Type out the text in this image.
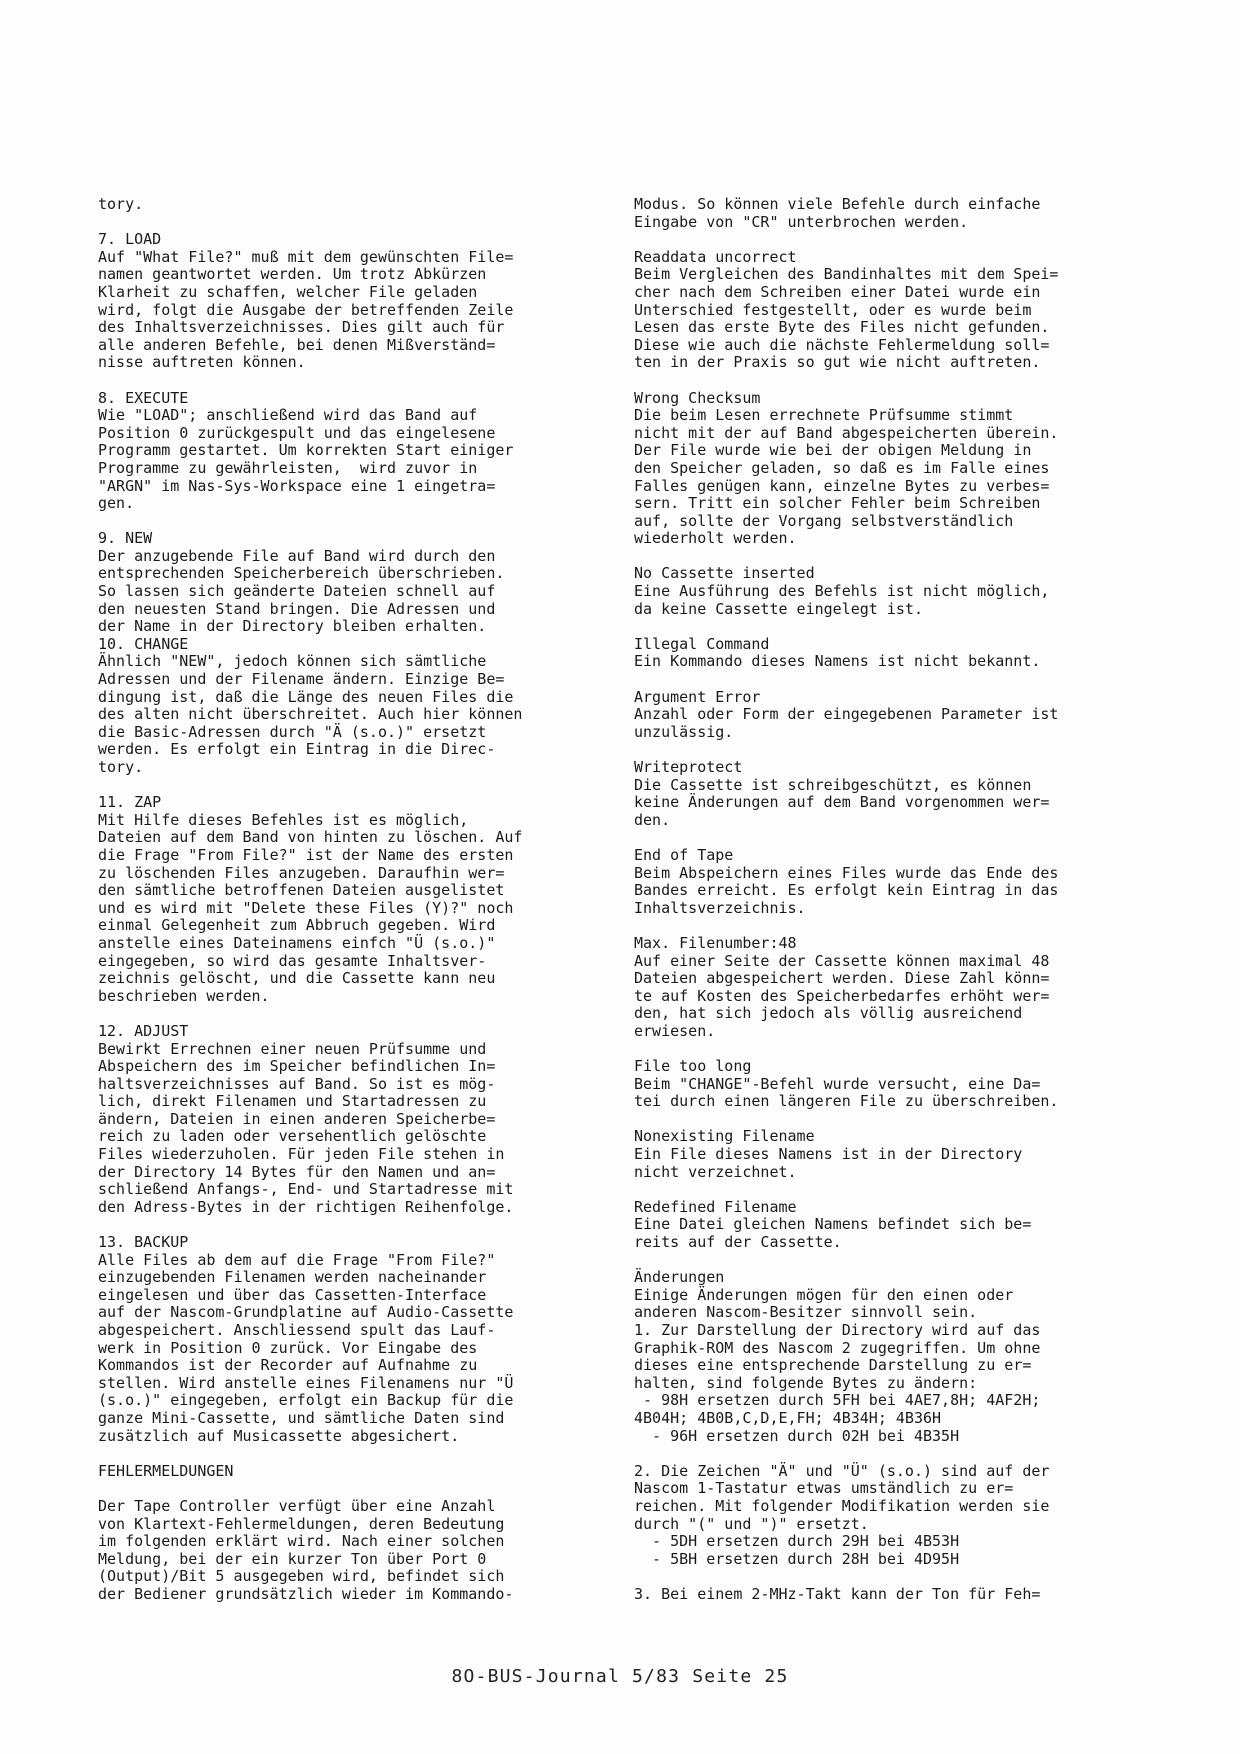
tory.
7. LOAD
Auf "What File?" muß mit dem gewünschten File=
namen geantwortet werden. Um trotz Abkürzen
Klarheit zu schaffen, welcher File geladen
wird, folgt die Ausgabe der betreffenden Zeile
des Inhaltsverzeichnisses. Dies gilt auch für
alle anderen Befehle, bei denen Mißverständ=
nisse auftreten können.
8. EXECUTE
Wie "LOAD"; anschließend wird das Band auf
Position 0 zurückgespult und das eingelesene
Programm gestartet. Um korrekten Start einiger
Programme zu gewährleisten,  wird zuvor in
"ARGN" im Nas-Sys-Workspace eine 1 eingetra=
gen.
9. NEW
Der anzugebende File auf Band wird durch den
entsprechenden Speicherbereich überschrieben.
So lassen sich geänderte Dateien schnell auf
den neuesten Stand bringen. Die Adressen und
der Name in der Directory bleiben erhalten.
10. CHANGE
Ähnlich "NEW", jedoch können sich sämtliche
Adressen und der Filename ändern. Einzige Be=
dingung ist, daß die Länge des neuen Files die
des alten nicht überschreitet. Auch hier können
die Basic-Adressen durch "Ä (s.o.)" ersetzt
werden. Es erfolgt ein Eintrag in die Direc-
tory.
11. ZAP
Mit Hilfe dieses Befehles ist es möglich,
Dateien auf dem Band von hinten zu löschen. Auf
die Frage "From File?" ist der Name des ersten
zu löschenden Files anzugeben. Daraufhin wer=
den sämtliche betroffenen Dateien ausgelistet
und es wird mit "Delete these Files (Y)?" noch
einmal Gelegenheit zum Abbruch gegeben. Wird
anstelle eines Dateinamens einfch "Ü (s.o.)"
eingegeben, so wird das gesamte Inhaltsver-
zeichnis gelöscht, und die Cassette kann neu
beschrieben werden.
12. ADJUST
Bewirkt Errechnen einer neuen Prüfsumme und
Abspeichern des im Speicher befindlichen In=
haltsverzeichnisses auf Band. So ist es mög-
lich, direkt Filenamen und Startadressen zu
ändern, Dateien in einen anderen Speicherbe=
reich zu laden oder versehentlich gelöschte
Files wiederzuholen. Für jeden File stehen in
der Directory 14 Bytes für den Namen und an=
schließend Anfangs-, End- und Startadresse mit
den Adress-Bytes in der richtigen Reihenfolge.
13. BACKUP
Alle Files ab dem auf die Frage "From File?"
einzugebenden Filenamen werden nacheinander
eingelesen und über das Cassetten-Interface
auf der Nascom-Grundplatine auf Audio-Cassette
abgespeichert. Anschliessend spult das Lauf-
werk in Position 0 zurück. Vor Eingabe des
Kommandos ist der Recorder auf Aufnahme zu
stellen. Wird anstelle eines Filenamens nur "Ü
(s.o.)" eingegeben, erfolgt ein Backup für die
ganze Mini-Cassette, und sämtliche Daten sind
zusätzlich auf Musicassette abgesichert.
FEHLERMELDUNGEN
Der Tape Controller verfügt über eine Anzahl
von Klartext-Fehlermeldungen, deren Bedeutung
im folgenden erklärt wird. Nach einer solchen
Meldung, bei der ein kurzer Ton über Port 0
(Output)/Bit 5 ausgegeben wird, befindet sich
der Bediener grundsätzlich wieder im Kommando-
Modus. So können viele Befehle durch einfache
Eingabe von "CR" unterbrochen werden.
Readdata uncorrect
Beim Vergleichen des Bandinhaltes mit dem Spei=
cher nach dem Schreiben einer Datei wurde ein
Unterschied festgestellt, oder es wurde beim
Lesen das erste Byte des Files nicht gefunden.
Diese wie auch die nächste Fehlermeldung soll=
ten in der Praxis so gut wie nicht auftreten.
Wrong Checksum
Die beim Lesen errechnete Prüfsumme stimmt
nicht mit der auf Band abgespeicherten überein.
Der File wurde wie bei der obigen Meldung in
den Speicher geladen, so daß es im Falle eines
Falles genügen kann, einzelne Bytes zu verbes=
sern. Tritt ein solcher Fehler beim Schreiben
auf, sollte der Vorgang selbstverständlich
wiederholt werden.
No Cassette inserted
Eine Ausführung des Befehls ist nicht möglich,
da keine Cassette eingelegt ist.
Illegal Command
Ein Kommando dieses Namens ist nicht bekannt.
Argument Error
Anzahl oder Form der eingegebenen Parameter ist
unzulässig.
Writeprotect
Die Cassette ist schreibgeschützt, es können
keine Änderungen auf dem Band vorgenommen wer=
den.
End of Tape
Beim Abspeichern eines Files wurde das Ende des
Bandes erreicht. Es erfolgt kein Eintrag in das
Inhaltsverzeichnis.
Max. Filenumber:48
Auf einer Seite der Cassette können maximal 48
Dateien abgespeichert werden. Diese Zahl könn=
te auf Kosten des Speicherbedarfes erhöht wer=
den, hat sich jedoch als völlig ausreichend
erwiesen.
File too long
Beim "CHANGE"-Befehl wurde versucht, eine Da=
tei durch einen längeren File zu überschreiben.
Nonexisting Filename
Ein File dieses Namens ist in der Directory
nicht verzeichnet.
Redefined Filename
Eine Datei gleichen Namens befindet sich be=
reits auf der Cassette.
Änderungen
Einige Änderungen mögen für den einen oder
anderen Nascom-Besitzer sinnvoll sein.
1. Zur Darstellung der Directory wird auf das
Graphik-ROM des Nascom 2 zugegriffen. Um ohne
dieses eine entsprechende Darstellung zu er=
halten, sind folgende Bytes zu ändern:
- 98H ersetzen durch 5FH bei 4AE7,8H; 4AF2H;
4B04H; 4B0B,C,D,E,FH; 4B34H; 4B36H
- 96H ersetzen durch 02H bei 4B35H
2. Die Zeichen "Ä" und "Ü" (s.o.) sind auf der
Nascom 1-Tastatur etwas umständlich zu er=
reichen. Mit folgender Modifikation werden sie
durch "(" und ")" ersetzt.
- 5DH ersetzen durch 29H bei 4B53H
- 5BH ersetzen durch 28H bei 4D95H
3. Bei einem 2-MHz-Takt kann der Ton für Feh=
8O-BUS-Journal 5/83 Seite 25
